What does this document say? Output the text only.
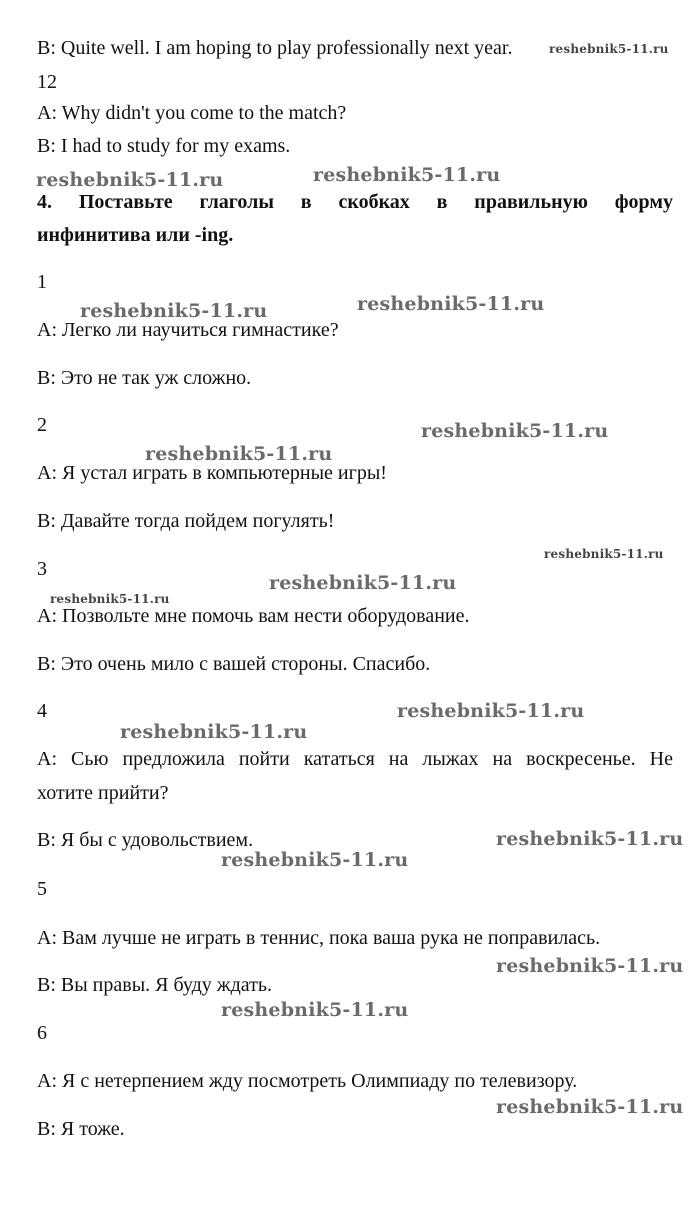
B: Quite well. I am hoping to play professionally next year.	reshebnik5-11.ru
12
A: Why didn't you come to the match?
B: I had to study for my exams.
reshebnik5-11.ru	reshebnik5-11.ru
4. Поставьте глаголы в скобках в правильную форму
инфинитива или -ing.
1
reshebnik5-11.ru	reshebnik5-11.ru
A: Легко ли научиться гимнастике?
B: Это не так уж сложно.
2
reshebnik5-11.ru
reshebnik5-11.ru
A: Я устал играть в компьютерные игры!
B: Давайте тогда пойдем погулять!
reshebnik5-11.ru
3
reshebnik5-11.ru
reshebnik5-11.ru
A: Позвольте мне помочь вам нести оборудование.
B: Это очень мило с вашей стороны. Спасибо.
4	reshebnik5-11.ru
reshebnik5-11.ru
A: Сью предложила пойти кататься на лыжах на воскресенье. Не
хотите прийти?
B: Я бы с удовольствием.	reshebnik5-11.ru
reshebnik5-11.ru
5
A: Вам лучше не играть в теннис, пока ваша рука не поправилась.
reshebnik5-11.ru
B: Вы правы. Я буду ждать.
reshebnik5-11.ru
6
A: Я с нетерпением жду посмотреть Олимпиаду по телевизору.
reshebnik5-11.ru
B: Я тоже.
